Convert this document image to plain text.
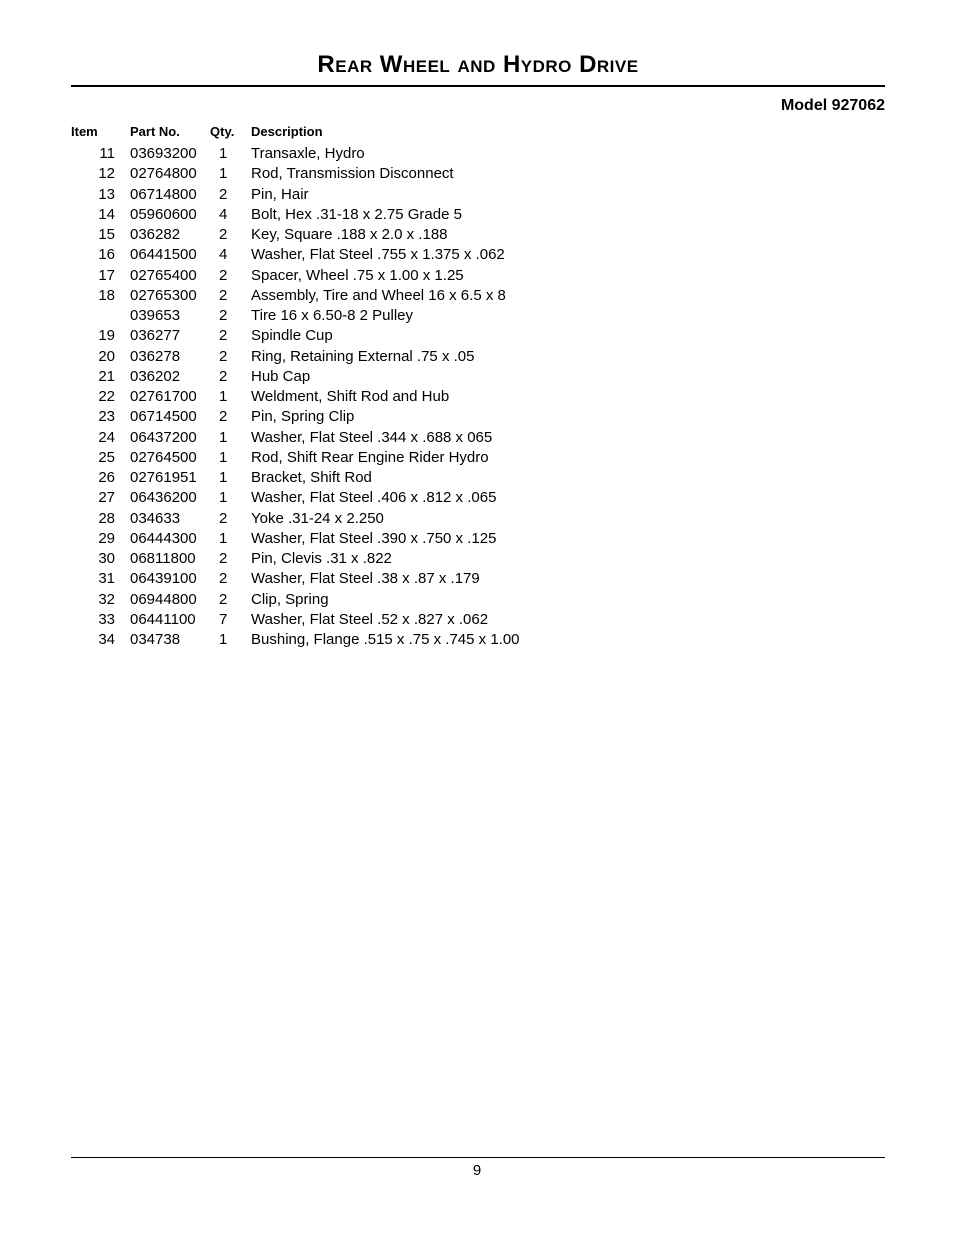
Rear Wheel and Hydro Drive
Model 927062
Item	Part No.	Qty.	Description
11	03693200	1	Transaxle, Hydro
12	02764800	1	Rod, Transmission Disconnect
13	06714800	2	Pin, Hair
14	05960600	4	Bolt, Hex .31-18 x 2.75 Grade 5
15	036282	2	Key, Square .188 x 2.0 x .188
16	06441500	4	Washer, Flat Steel .755 x 1.375 x .062
17	02765400	2	Spacer, Wheel .75 x 1.00 x 1.25
18	02765300	2	Assembly, Tire and Wheel 16 x 6.5 x 8
	039653	2	Tire 16 x 6.50-8 2 Pulley
19	036277	2	Spindle Cup
20	036278	2	Ring, Retaining External .75 x .05
21	036202	2	Hub Cap
22	02761700	1	Weldment, Shift Rod and Hub
23	06714500	2	Pin, Spring Clip
24	06437200	1	Washer, Flat Steel .344 x .688 x 065
25	02764500	1	Rod, Shift Rear Engine Rider Hydro
26	02761951	1	Bracket, Shift Rod
27	06436200	1	Washer, Flat Steel .406 x .812 x .065
28	034633	2	Yoke .31-24 x 2.250
29	06444300	1	Washer, Flat Steel .390 x .750 x .125
30	06811800	2	Pin, Clevis .31 x .822
31	06439100	2	Washer, Flat Steel .38 x .87 x .179
32	06944800	2	Clip, Spring
33	06441100	7	Washer, Flat Steel .52 x .827 x .062
34	034738	1	Bushing, Flange .515 x .75 x .745 x 1.00
9
